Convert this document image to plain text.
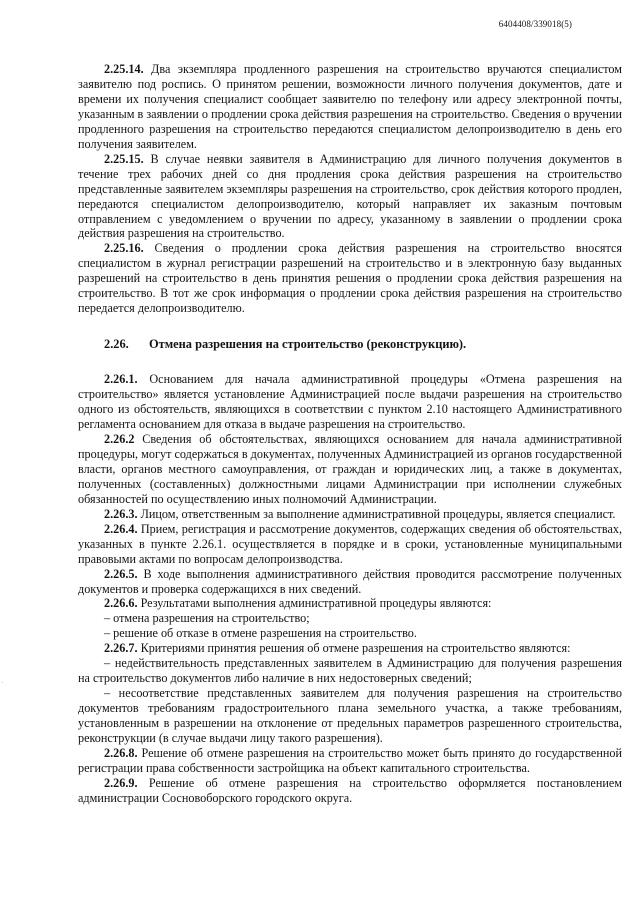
6404408/339018(5)

2.25.14. Два экземпляра продленного разрешения на строительство вручаются специалистом заявителю под роспись. О принятом решении, возможности личного получения документов, дате и времени их получения специалист сообщает заявителю по телефону или адресу электронной почты, указанным в заявлении о продлении срока действия разрешения на строительство. Сведения о вручении продленного разрешения на строительство передаются специалистом делопроизводителю в день его получения заявителем.

2.25.15. В случае неявки заявителя в Администрацию для личного получения документов в течение трех рабочих дней со дня продления срока действия разрешения на строительство представленные заявителем экземпляры разрешения на строительство, срок действия которого продлен, передаются специалистом делопроизводителю, который направляет их заказным почтовым отправлением с уведомлением о вручении по адресу, указанному в заявлении о продлении срока действия разрешения на строительство.

2.25.16. Сведения о продлении срока действия разрешения на строительство вносятся специалистом в журнал регистрации разрешений на строительство и в электронную базу выданных разрешений на строительство в день принятия решения о продлении срока действия разрешения на строительство. В тот же срок информация о продлении срока действия разрешения на строительство передается делопроизводителю.

2.26. Отмена разрешения на строительство (реконструкцию).

2.26.1. Основанием для начала административной процедуры «Отмена разрешения на строительство» является установление Администрацией после выдачи разрешения на строительство одного из обстоятельств, являющихся в соответствии с пунктом 2.10 настоящего Административного регламента основанием для отказа в выдаче разрешения на строительство.

2.26.2 Сведения об обстоятельствах, являющихся основанием для начала административной процедуры, могут содержаться в документах, полученных Администрацией из органов государственной власти, органов местного самоуправления, от граждан и юридических лиц, а также в документах, полученных (составленных) должностными лицами Администрации при исполнении служебных обязанностей по осуществлению иных полномочий Администрации.

2.26.3. Лицом, ответственным за выполнение административной процедуры, является специалист.

2.26.4. Прием, регистрация и рассмотрение документов, содержащих сведения об обстоятельствах, указанных в пункте 2.26.1. осуществляется в порядке и в сроки, установленные муниципальными правовыми актами по вопросам делопроизводства.

2.26.5. В ходе выполнения административного действия проводится рассмотрение полученных документов и проверка содержащихся в них сведений.

2.26.6. Результатами выполнения административной процедуры являются:

– отмена разрешения на строительство;

– решение об отказе в отмене разрешения на строительство.

2.26.7. Критериями принятия решения об отмене разрешения на строительство являются:

– недействительность представленных заявителем в Администрацию для получения разрешения на строительство документов либо наличие в них недостоверных сведений;

– несоответствие представленных заявителем для получения разрешения на строительство документов требованиям градостроительного плана земельного участка, а также требованиям, установленным в разрешении на отклонение от предельных параметров разрешенного строительства, реконструкции (в случае выдачи лицу такого разрешения).

2.26.8. Решение об отмене разрешения на строительство может быть принято до государственной регистрации права собственности застройщика на объект капитального строительства.

2.26.9. Решение об отмене разрешения на строительство оформляется постановлением администрации Сосновоборского городского округа.
